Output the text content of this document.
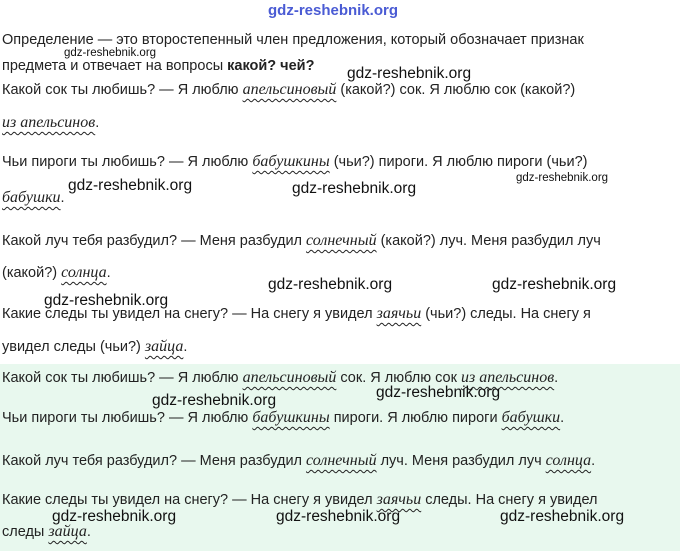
gdz-reshebnik.org
Определение — это второстепенный член предложения, который обозначает признак
предмета и отвечает на вопросы какой? чей?
Какой сок ты любишь? — Я люблю апельсиновый (какой?) сок. Я люблю сок (какой?)
из апельсинов.
Чьи пироги ты любишь? — Я люблю бабушкины (чьи?) пироги. Я люблю пироги (чьи?)
бабушки.
Какой луч тебя разбудил? — Меня разбудил солнечный (какой?) луч. Меня разбудил луч
(какой?) солнца.
Какие следы ты увидел на снегу? — На снегу я увидел заячьи (чьи?) следы. На снегу я
увидел следы (чьи?) зайца.
Какой сок ты любишь? — Я люблю апельсиновый сок. Я люблю сок из апельсинов.
Чьи пироги ты любишь? — Я люблю бабушкины пироги. Я люблю пироги бабушки.
Какой луч тебя разбудил? — Меня разбудил солнечный луч. Меня разбудил луч солнца.
Какие следы ты увидел на снегу? — На снегу я увидел заячьи следы. На снегу я увидел
следы зайца.
gdz-reshebnik.org
gdz-reshebnik.org
gdz-reshebnik.org	gdz-reshebnik.org
gdz-reshebnik.org
gdz-reshebnik.org	gdz-reshebnik.org
gdz-reshebnik.org
gdz-reshebnik.org
gdz-reshebnik.org
gdz-reshebnik.org	gdz-reshebnik.org	gdz-reshebnik.org
